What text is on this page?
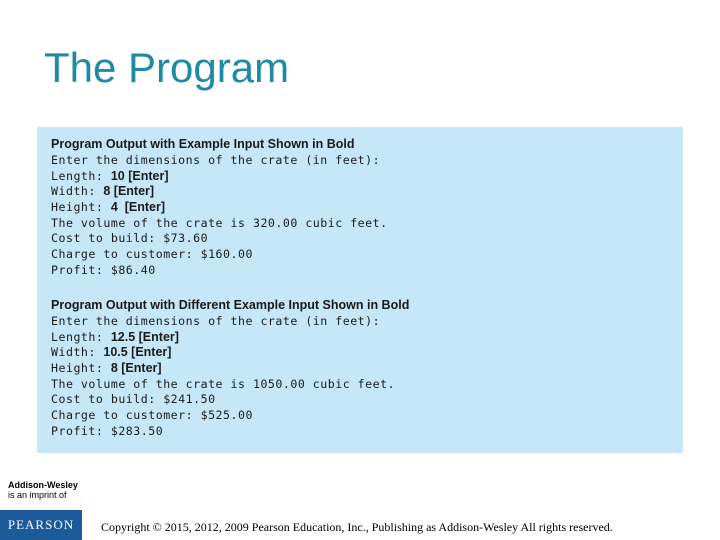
The Program
Program Output with Example Input Shown in Bold
Enter the dimensions of the crate (in feet):
Length: 10 [Enter]
Width: 8 [Enter]
Height: 4  [Enter]
The volume of the crate is 320.00 cubic feet.
Cost to build: $73.60
Charge to customer: $160.00
Profit: $86.40
Program Output with Different Example Input Shown in Bold
Enter the dimensions of the crate (in feet):
Length: 12.5 [Enter]
Width: 10.5 [Enter]
Height: 8 [Enter]
The volume of the crate is 1050.00 cubic feet.
Cost to build: $241.50
Charge to customer: $525.00
Profit: $283.50
Addison-Wesley
is an imprint of
PEARSON	Copyright © 2015, 2012, 2009 Pearson Education, Inc., Publishing as Addison-Wesley All rights reserved.
